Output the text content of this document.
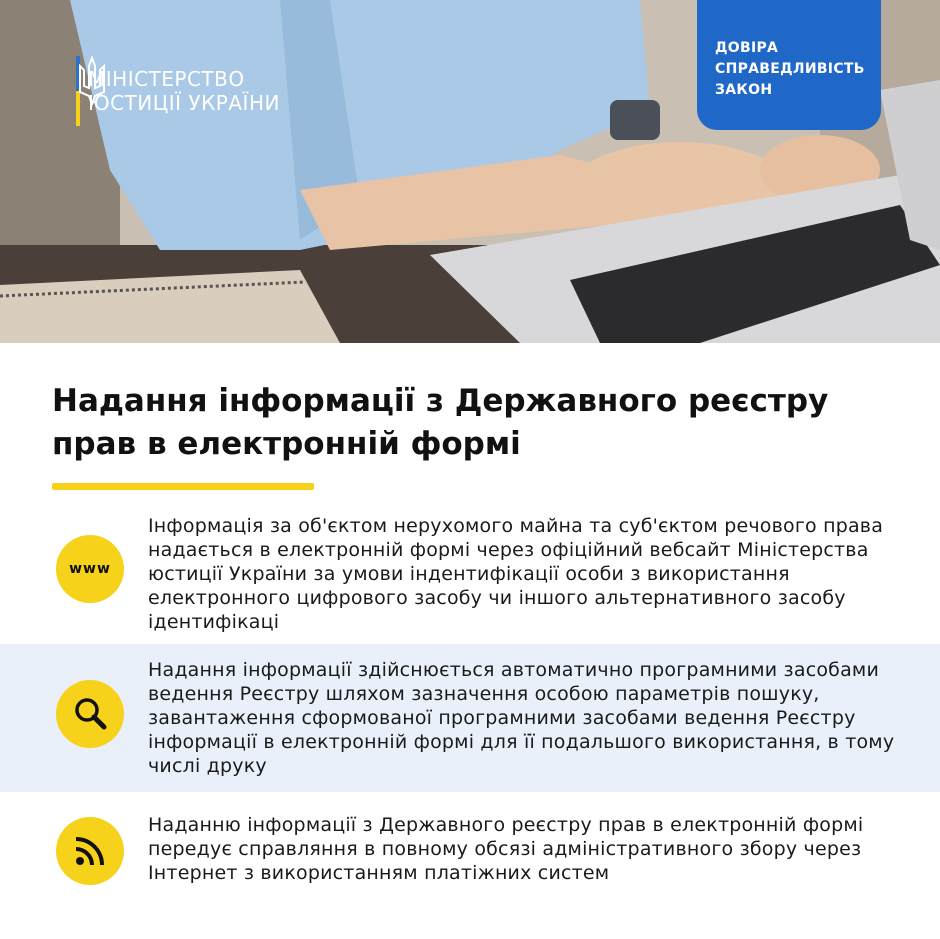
МІНІСТЕРСТВО
ЮСТИЦІЇ УКРАЇНИ
ДОВІРА
СПРАВЕДЛИВІСТЬ
ЗАКОН
Надання інформації з Державного реєстру
прав в електронній формі
www
Інформація за об'єктом нерухомого майна та суб'єктом речового права надається в електронній формі через офіційний вебсайт Міністерства юстиції України за умови індентифікації особи з використання електронного цифрового засобу чи іншого альтернативного засобу ідентифікаці
Надання інформації здійснюється автоматично програмними засобами ведення Реєстру шляхом зазначення особою параметрів пошуку, завантаження сформованої програмними засобами ведення Реєстру інформації в електронній формі для її подальшого використання, в тому числі друку
Наданню інформації з Державного реєстру прав в електронній формі передує справляння в повному обсязі адміністративного збору через Інтернет з використанням платіжних систем
